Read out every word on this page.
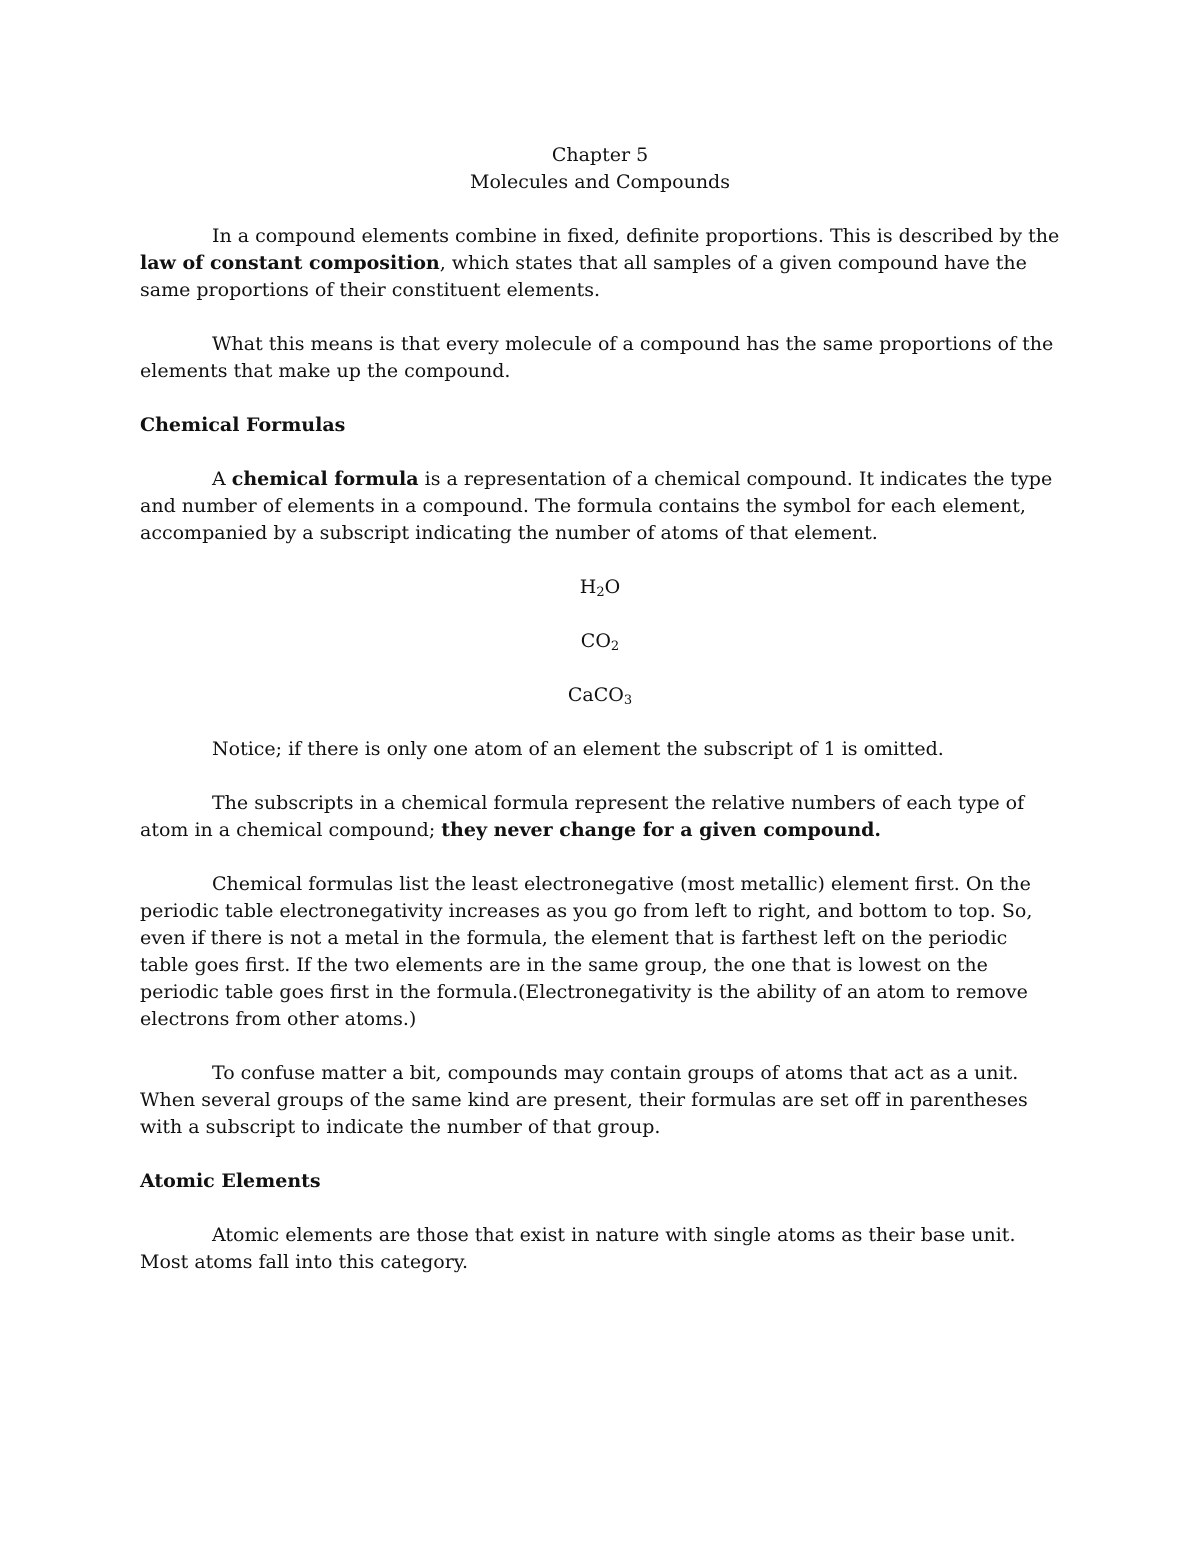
Chapter 5

Molecules and Compounds

In a compound elements combine in fixed, definite proportions. This is described by the law of constant composition, which states that all samples of a given compound have the same proportions of their constituent elements.

What this means is that every molecule of a compound has the same proportions of the elements that make up the compound.

Chemical Formulas

A chemical formula is a representation of a chemical compound. It indicates the type and number of elements in a compound. The formula contains the symbol for each element, accompanied by a subscript indicating the number of atoms of that element.

$H_2O$

$CO_2$

CaCO$_3$

Notice; if there is only one atom of an element the subscript of 1 is omitted.

The subscripts in a chemical formula represent the relative numbers of each type of atom in a chemical compound; they never change for a given compound.

Chemical formulas list the least electronegative (most metallic) element first. On the periodic table electronegativity increases as you go from left to right, and bottom to top. So, even if there is not a metal in the formula, the element that is farthest left on the periodic table goes first. If the two elements are in the same group, the one that is lowest on the periodic table goes first in the formula.(Electronegativity is the ability of an atom to remove electrons from other atoms.)

To confuse matter a bit, compounds may contain groups of atoms that act as a unit. When several groups of the same kind are present, their formulas are set off in parentheses with a subscript to indicate the number of that group.

Atomic Elements

Atomic elements are those that exist in nature with single atoms as their base unit. Most atoms fall into this category.
